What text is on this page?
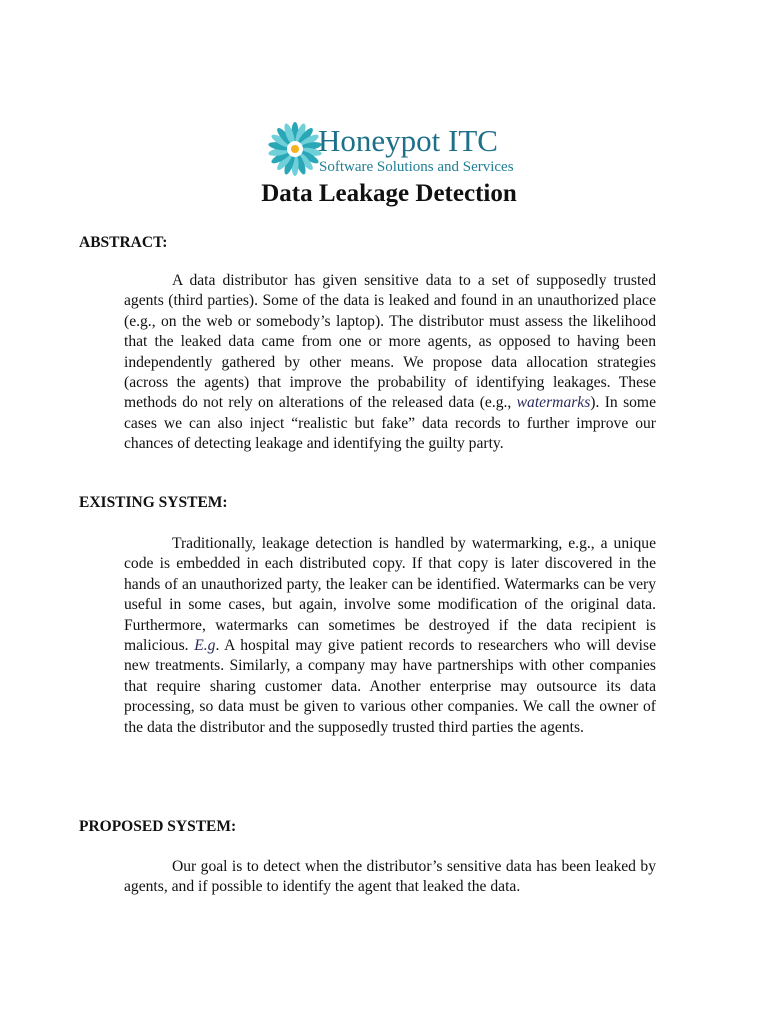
Honeypot ITC
Software Solutions and Services
Data Leakage Detection
ABSTRACT:

A data distributor has given sensitive data to a set of supposedly trusted agents (third parties). Some of the data is leaked and found in an unauthorized place (e.g., on the web or somebody’s laptop). The distributor must assess the likelihood that the leaked data came from one or more agents, as opposed to having been independently gathered by other means. We propose data allocation strategies (across the agents) that improve the probability of identifying leakages. These methods do not rely on alterations of the released data (e.g., watermarks). In some cases we can also inject “realistic but fake” data records to further improve our chances of detecting leakage and identifying the guilty party.

EXISTING SYSTEM:

Traditionally, leakage detection is handled by watermarking, e.g., a unique code is embedded in each distributed copy. If that copy is later discovered in the hands of an unauthorized party, the leaker can be identified. Watermarks can be very useful in some cases, but again, involve some modification of the original data. Furthermore, watermarks can sometimes be destroyed if the data recipient is malicious. E.g. A hospital may give patient records to researchers who will devise new treatments. Similarly, a company may have partnerships with other companies that require sharing customer data. Another enterprise may outsource its data processing, so data must be given to various other companies. We call the owner of the data the distributor and the supposedly trusted third parties the agents.

PROPOSED SYSTEM:

Our goal is to detect when the distributor’s sensitive data has been leaked by agents, and if possible to identify the agent that leaked the data.
